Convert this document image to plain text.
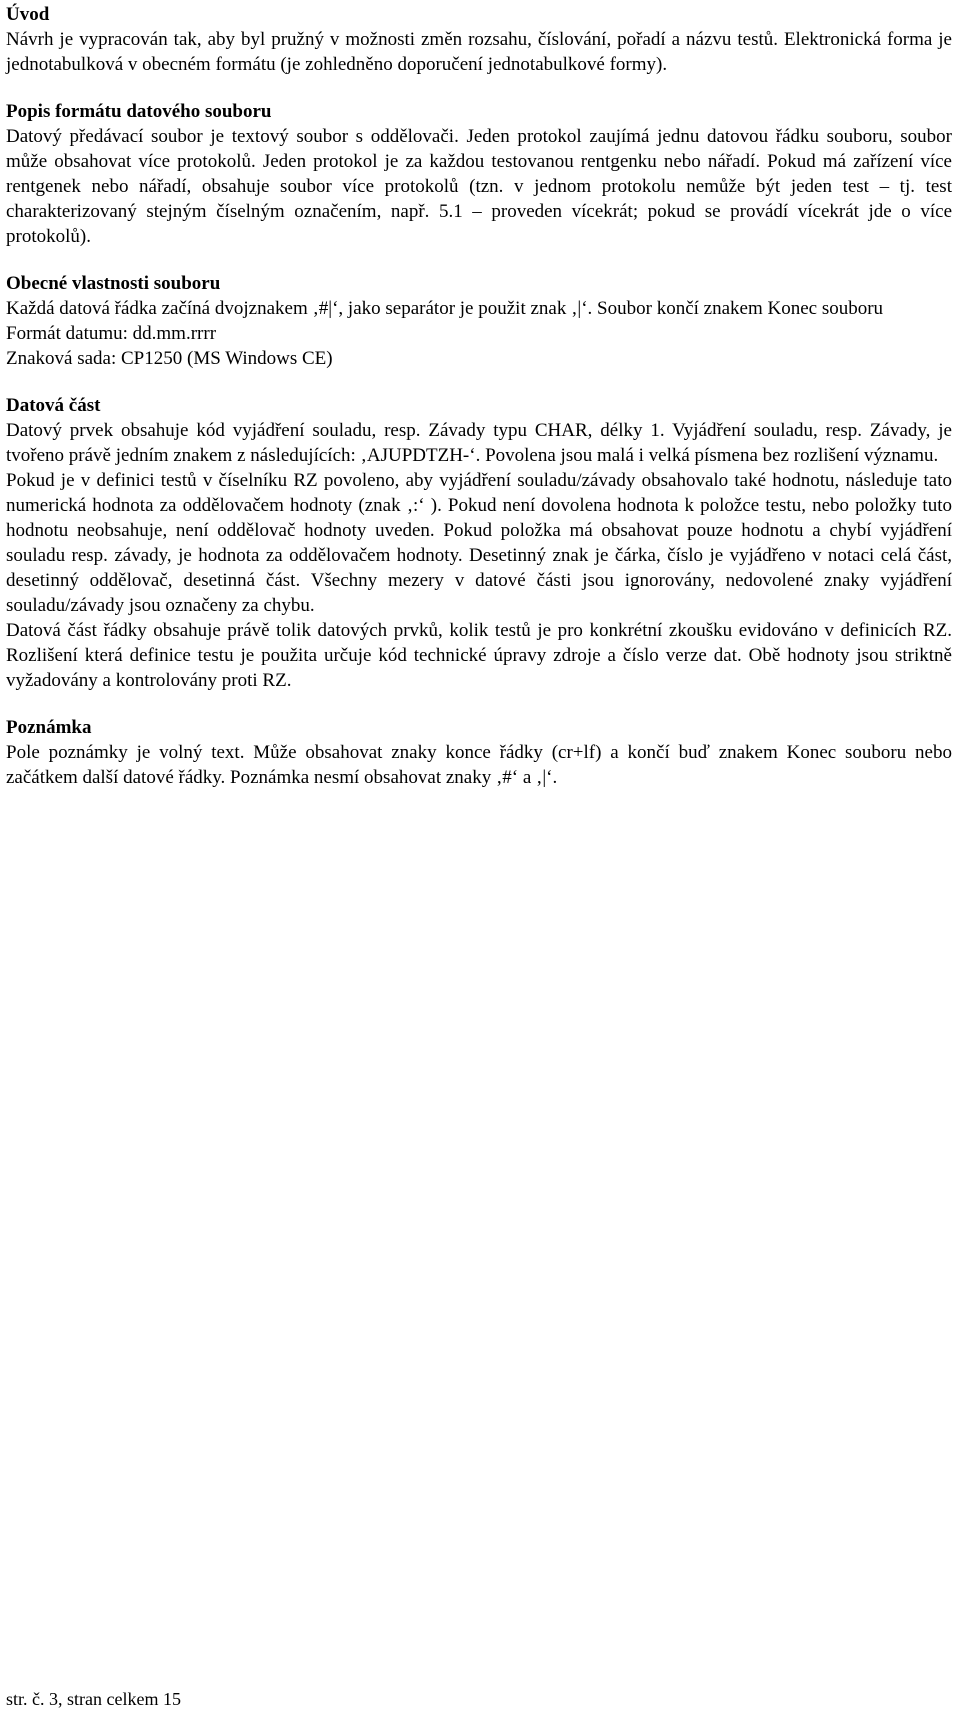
Úvod

Návrh je vypracován tak, aby byl pružný v možnosti změn rozsahu, číslování, pořadí a názvu testů. Elektronická forma je jednotabulková v obecném formátu (je zohledněno doporučení jednotabulkové formy).

Popis formátu datového souboru

Datový předávací soubor je textový soubor s oddělovači. Jeden protokol zaujímá jednu datovou řádku souboru, soubor může obsahovat více protokolů. Jeden protokol je za každou testovanou rentgenku nebo nářadí. Pokud má zařízení více rentgenek nebo nářadí, obsahuje soubor více protokolů (tzn. v jednom protokolu nemůže být jeden test – tj. test charakterizovaný stejným číselným označením, např. 5.1 – proveden vícekrát; pokud se provádí vícekrát jde o více protokolů).

Obecné vlastnosti souboru

Každá datová řádka začíná dvojznakem ‚#|‘, jako separátor je použit znak ‚|‘. Soubor končí znakem Konec souboru

Formát datumu: dd.mm.rrrr

Znaková sada: CP1250 (MS Windows CE)

Datová část

Datový prvek obsahuje kód vyjádření souladu, resp. Závady typu CHAR, délky 1. Vyjádření souladu, resp. Závady, je tvořeno právě jedním znakem z následujících: ‚AJUPDTZH-‘. Povolena jsou malá i velká písmena bez rozlišení významu.

Pokud je v definici testů v číselníku RZ povoleno, aby vyjádření souladu/závady obsahovalo také hodnotu, následuje tato numerická hodnota za oddělovačem hodnoty (znak ‚:‘ ). Pokud není dovolena hodnota k položce testu, nebo položky tuto hodnotu neobsahuje, není oddělovač hodnoty uveden. Pokud položka má obsahovat pouze hodnotu a chybí vyjádření souladu resp. závady, je hodnota za oddělovačem hodnoty. Desetinný znak je čárka, číslo je vyjádřeno v notaci celá část, desetinný oddělovač, desetinná část. Všechny mezery v datové části jsou ignorovány, nedovolené znaky vyjádření souladu/závady jsou označeny za chybu.

Datová část řádky obsahuje právě tolik datových prvků, kolik testů je pro konkrétní zkoušku evidováno v definicích RZ. Rozlišení která definice testu je použita určuje kód technické úpravy zdroje a číslo verze dat. Obě hodnoty jsou striktně vyžadovány a kontrolovány proti RZ.

Poznámka

Pole poznámky je volný text. Může obsahovat znaky konce řádky (cr+lf) a končí buď znakem Konec souboru nebo začátkem další datové řádky. Poznámka nesmí obsahovat znaky ‚#‘ a ‚|‘.

str. č. 3, stran celkem 15
